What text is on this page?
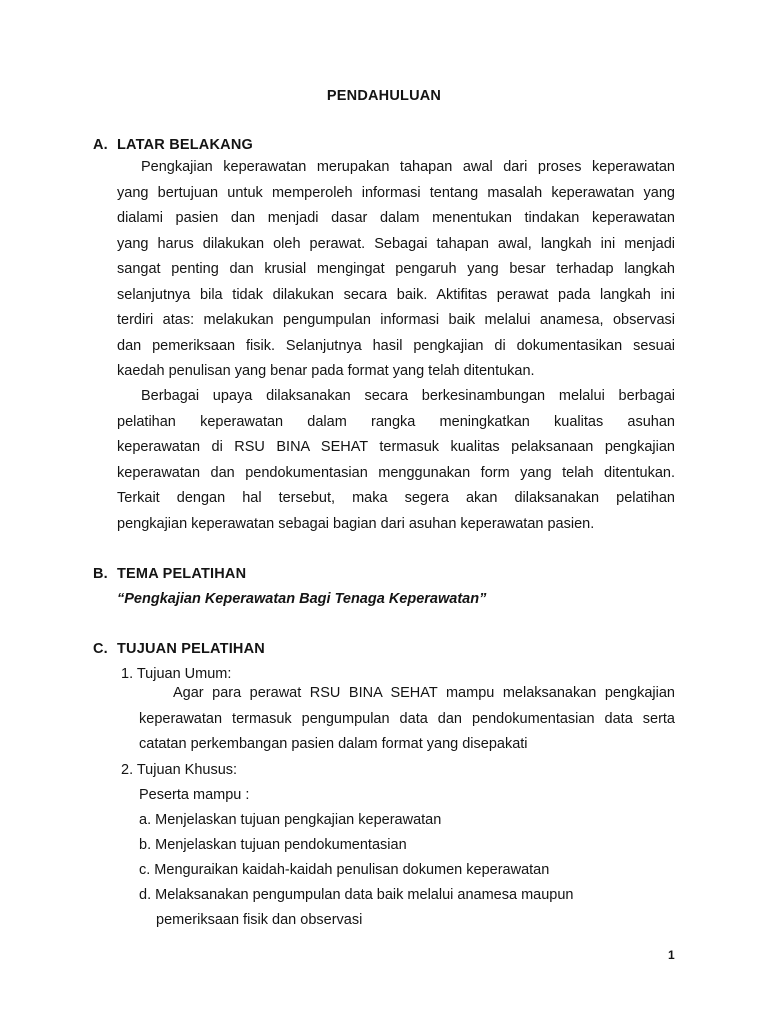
PENDAHULUAN
A. LATAR BELAKANG
Pengkajian keperawatan merupakan tahapan awal dari proses keperawatan
yang bertujuan untuk memperoleh informasi tentang masalah keperawatan yang
dialami pasien dan menjadi dasar dalam menentukan tindakan keperawatan
yang harus dilakukan oleh perawat. Sebagai tahapan awal, langkah ini menjadi
sangat penting dan krusial mengingat pengaruh yang besar terhadap langkah
selanjutnya bila tidak dilakukan secara baik. Aktifitas perawat pada langkah ini
terdiri atas: melakukan pengumpulan informasi baik melalui anamesa, observasi
dan pemeriksaan fisik. Selanjutnya hasil pengkajian di dokumentasikan sesuai
kaedah penulisan yang benar pada format yang telah ditentukan.
Berbagai upaya dilaksanakan secara berkesinambungan melalui berbagai
pelatihan keperawatan dalam rangka meningkatkan kualitas asuhan
keperawatan di RSU BINA SEHAT termasuk kualitas pelaksanaan pengkajian
keperawatan dan pendokumentasian menggunakan form yang telah ditentukan.
Terkait dengan hal tersebut, maka segera akan dilaksanakan pelatihan
pengkajian keperawatan sebagai bagian dari asuhan keperawatan pasien.
B. TEMA PELATIHAN
“Pengkajian Keperawatan Bagi Tenaga Keperawatan”
C. TUJUAN PELATIHAN
1. Tujuan Umum:
Agar para perawat RSU BINA SEHAT mampu melaksanakan pengkajian
keperawatan termasuk pengumpulan data dan pendokumentasian data serta
catatan perkembangan pasien dalam format yang disepakati
2. Tujuan Khusus:
Peserta mampu :
a. Menjelaskan tujuan pengkajian keperawatan
b. Menjelaskan tujuan pendokumentasian
c. Menguraikan kaidah-kaidah penulisan dokumen keperawatan
d. Melaksanakan pengumpulan data baik melalui anamesa maupun
pemeriksaan fisik dan observasi
1
